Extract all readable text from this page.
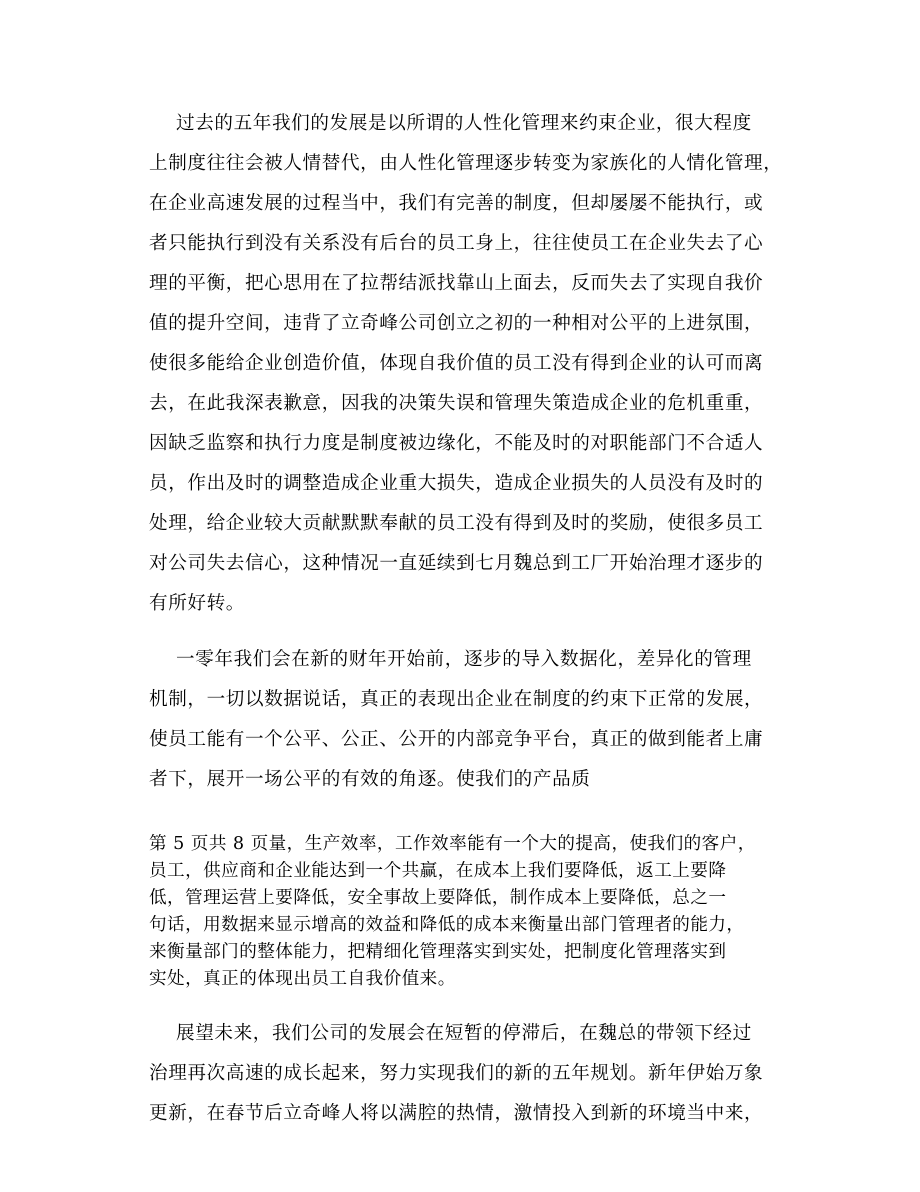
过去的五年我们的发展是以所谓的人性化管理来约束企业，很大程度
上制度往往会被人情替代，由人性化管理逐步转变为家族化的人情化管理，
在企业高速发展的过程当中，我们有完善的制度，但却屡屡不能执行，或
者只能执行到没有关系没有后台的员工身上，往往使员工在企业失去了心
理的平衡，把心思用在了拉帮结派找靠山上面去，反而失去了实现自我价
值的提升空间，违背了立奇峰公司创立之初的一种相对公平的上进氛围，
使很多能给企业创造价值，体现自我价值的员工没有得到企业的认可而离
去，在此我深表歉意，因我的决策失误和管理失策造成企业的危机重重，
因缺乏监察和执行力度是制度被边缘化，不能及时的对职能部门不合适人
员，作出及时的调整造成企业重大损失，造成企业损失的人员没有及时的
处理，给企业较大贡献默默奉献的员工没有得到及时的奖励，使很多员工
对公司失去信心，这种情况一直延续到七月魏总到工厂开始治理才逐步的
有所好转。
一零年我们会在新的财年开始前，逐步的导入数据化，差异化的管理
机制，一切以数据说话，真正的表现出企业在制度的约束下正常的发展，
使员工能有一个公平、公正、公开的内部竞争平台，真正的做到能者上庸
者下，展开一场公平的有效的角逐。使我们的产品质
第 5 页共 8 页量，生产效率，工作效率能有一个大的提高，使我们的客户，
员工，供应商和企业能达到一个共赢，在成本上我们要降低，返工上要降
低，管理运营上要降低，安全事故上要降低，制作成本上要降低，总之一
句话，用数据来显示增高的效益和降低的成本来衡量出部门管理者的能力，
来衡量部门的整体能力，把精细化管理落实到实处，把制度化管理落实到
实处，真正的体现出员工自我价值来。
展望未来，我们公司的发展会在短暂的停滞后，在魏总的带领下经过
治理再次高速的成长起来，努力实现我们的新的五年规划。新年伊始万象
更新，在春节后立奇峰人将以满腔的热情，激情投入到新的环境当中来，
